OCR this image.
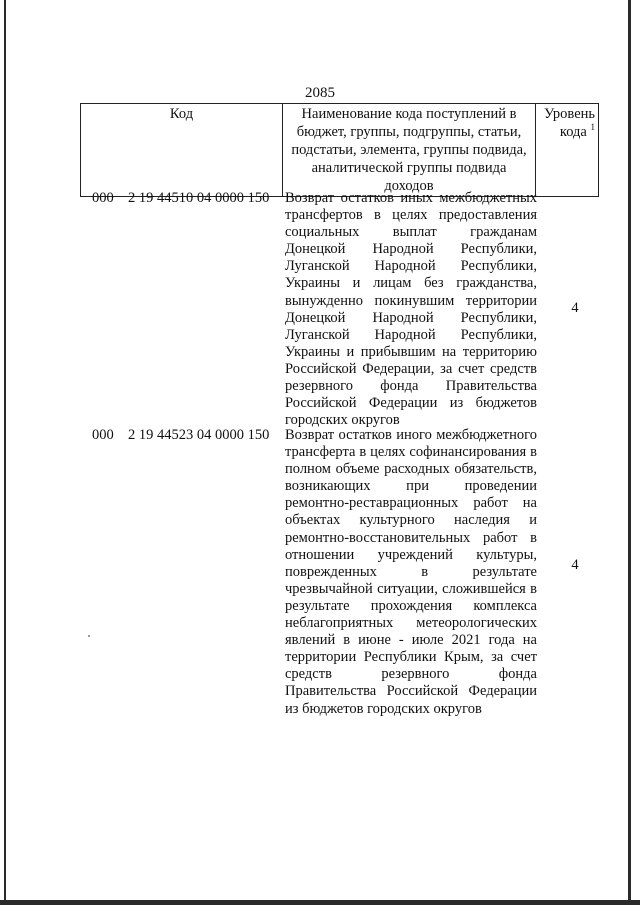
2085
Код	Наименование кода поступлений в
бюджет, группы, подгруппы, статьи,
подстатьи, элемента, группы подвида,
аналитической группы подвида доходов

Уровень
кода $^1$
000 2 19 44510 04 0000 150 Возврат остатков иных межбюджетных
трансфертов в целях предоставления
социальных выплат гражданам
Донецкой Народной Республики,
Луганской Народной Республики,
Украины и лицам без гражданства,
вынужденно покинувшим территории
Донецкой Народной Республики,
Луганской Народной Республики,
Украины и прибывшим на территорию
Российской Федерации, за счет средств
резервного фонда Правительства
Российской Федерации из бюджетов
городских округов
4
000 2 19 44523 04 0000 150 Возврат остатков иного межбюджетного
трансферта в целях софинансирования в
полном объеме расходных обязательств,
возникающих при проведении
ремонтно-реставрационных работ на
объектах культурного наследия и
ремонтно-восстановительных работ в
отношении учреждений культуры,
поврежденных в результате
чрезвычайной ситуации, сложившейся в
результате прохождения комплекса
неблагоприятных метеорологических
явлений в июне - июле 2021 года на
территории Республики Крым, за счет
средств резервного фонда
Правительства Российской Федерации
из бюджетов городских округов
4
